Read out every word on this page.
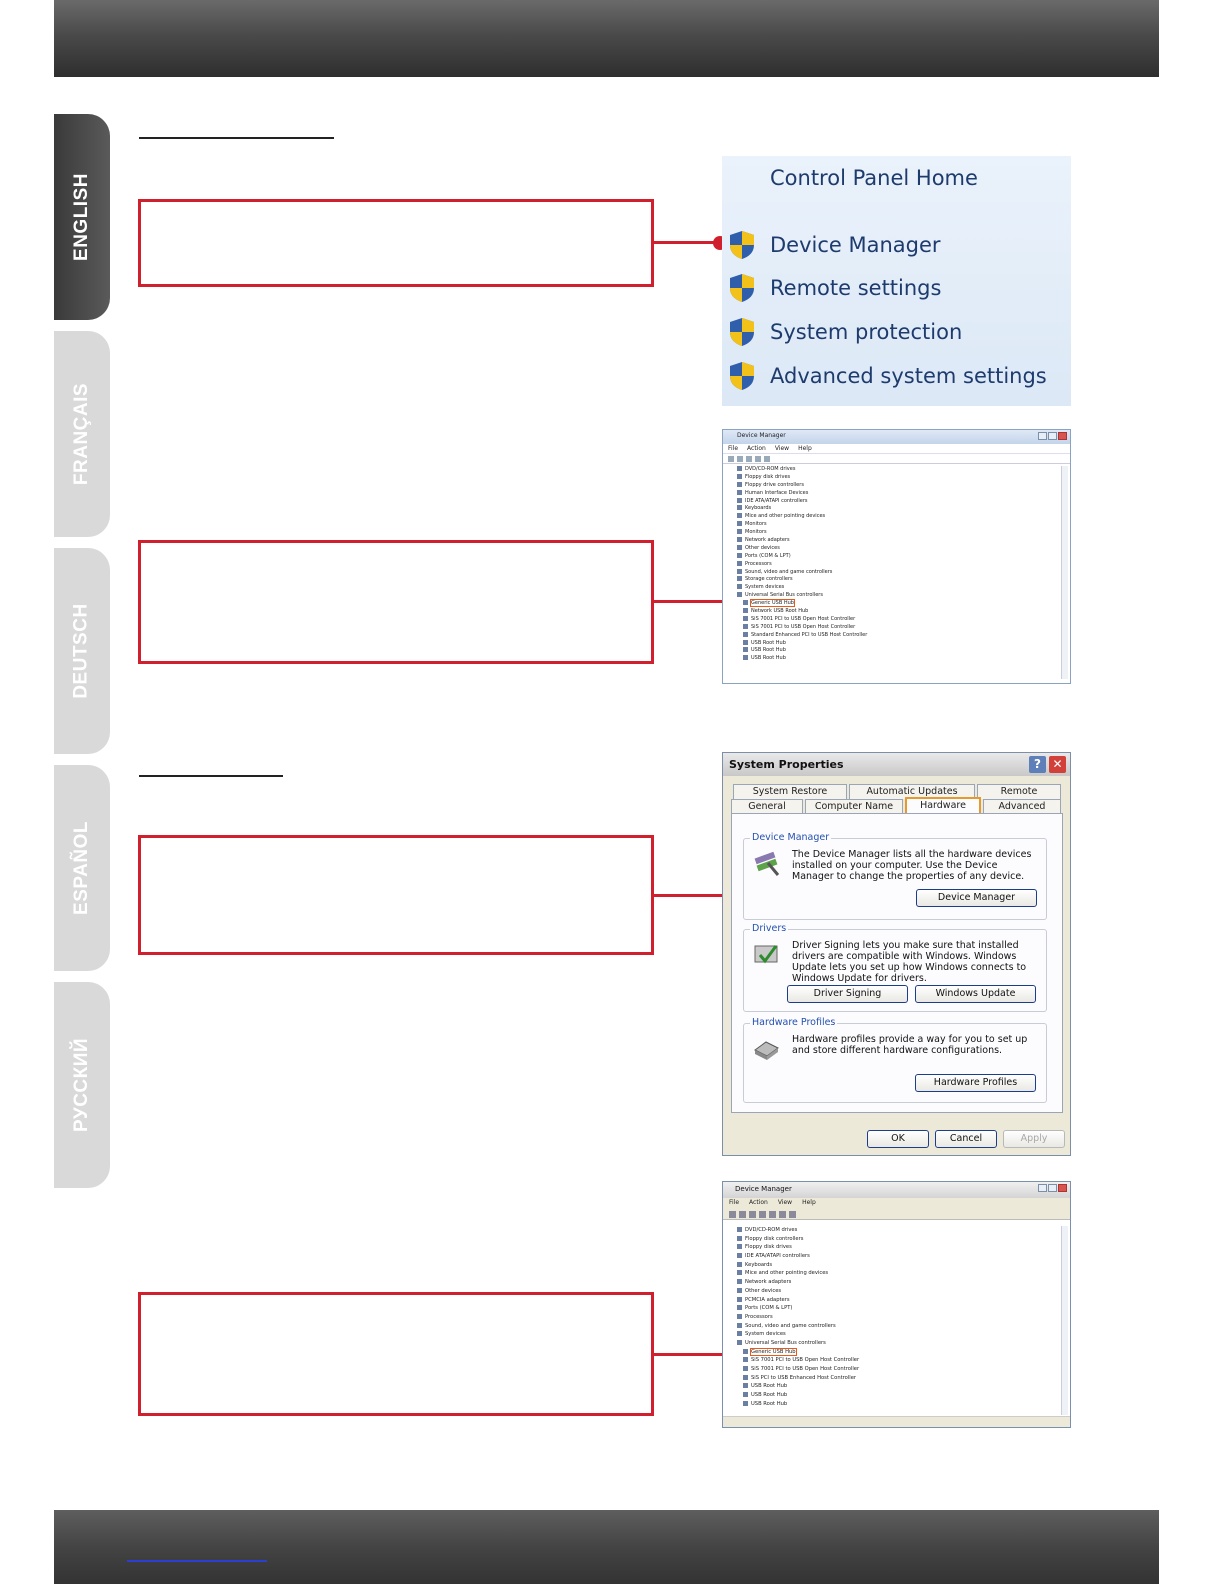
ENGLISH
FRANÇAIS
DEUTSCH
ESPAÑOL
РУССКИЙ
Control Panel Home
Device Manager
Remote settings
System protection
Advanced system settings
Device Manager
File Action View Help
DVD/CD-ROM drives
Floppy disk drives
Floppy drive controllers
Human Interface Devices
IDE ATA/ATAPI controllers
Keyboards
Mice and other pointing devices
Monitors
Monitors
Network adapters
Other devices
Ports (COM & LPT)
Processors
Sound, video and game controllers
Storage controllers
System devices
Universal Serial Bus controllers
Generic USB Hub
Network USB Root Hub
SiS 7001 PCI to USB Open Host Controller
SiS 7001 PCI to USB Open Host Controller
Standard Enhanced PCI to USB Host Controller
USB Root Hub
USB Root Hub
USB Root Hub
System Properties	? ✕
System Restore	Automatic Updates	Remote
General	Computer Name	Hardware	Advanced
Device Manager
The Device Manager lists all the hardware devices installed on your computer. Use the Device Manager to change the properties of any device.
Device Manager
Drivers
Driver Signing lets you make sure that installed drivers are compatible with Windows. Windows Update lets you set up how Windows connects to Windows Update for drivers.
Driver Signing	Windows Update
Hardware Profiles
Hardware profiles provide a way for you to set up and store different hardware configurations.
Hardware Profiles
OK	Cancel	Apply
Device Manager
File Action View Help
DVD/CD-ROM drives
Floppy disk controllers
Floppy disk drives
IDE ATA/ATAPI controllers
Keyboards
Mice and other pointing devices
Network adapters
Other devices
PCMCIA adapters
Ports (COM & LPT)
Processors
Sound, video and game controllers
System devices
Universal Serial Bus controllers
Generic USB Hub
SiS 7001 PCI to USB Open Host Controller
SiS 7001 PCI to USB Open Host Controller
SiS PCI to USB Enhanced Host Controller
USB Root Hub
USB Root Hub
USB Root Hub
